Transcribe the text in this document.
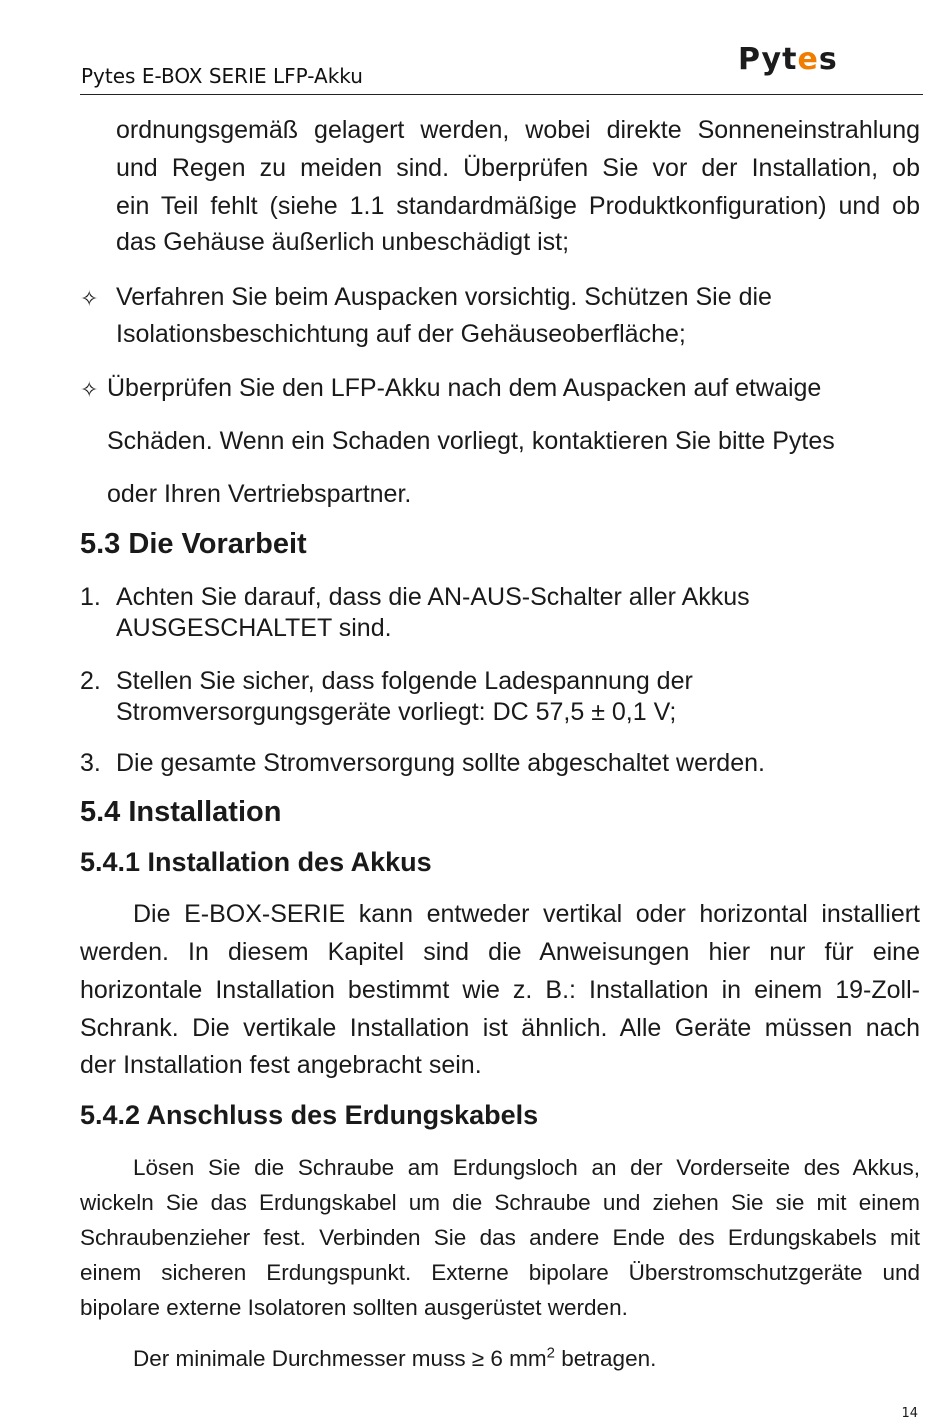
Pytes E-BOX SERIE LFP-Akku	Pytes
ordnungsgemäß gelagert werden, wobei direkte Sonneneinstrahlung
und Regen zu meiden sind. Überprüfen Sie vor der Installation, ob
ein Teil fehlt (siehe 1.1 standardmäßige Produktkonfiguration) und ob
das Gehäuse äußerlich unbeschädigt ist;
✧ Verfahren Sie beim Auspacken vorsichtig. Schützen Sie die
Isolationsbeschichtung auf der Gehäuseoberfläche;
✧ Überprüfen Sie den LFP-Akku nach dem Auspacken auf etwaige
Schäden. Wenn ein Schaden vorliegt, kontaktieren Sie bitte Pytes
oder Ihren Vertriebspartner.
5.3 Die Vorarbeit
1. Achten Sie darauf, dass die AN-AUS-Schalter aller Akkus
AUSGESCHALTET sind.
2. Stellen Sie sicher, dass folgende Ladespannung der
Stromversorgungsgeräte vorliegt: DC 57,5 ± 0,1 V;
3. Die gesamte Stromversorgung sollte abgeschaltet werden.
5.4 Installation
5.4.1 Installation des Akkus
Die E-BOX-SERIE kann entweder vertikal oder horizontal installiert
werden. In diesem Kapitel sind die Anweisungen hier nur für eine
horizontale Installation bestimmt wie z. B.: Installation in einem 19-Zoll-
Schrank. Die vertikale Installation ist ähnlich. Alle Geräte müssen nach
der Installation fest angebracht sein.
5.4.2 Anschluss des Erdungskabels
Lösen Sie die Schraube am Erdungsloch an der Vorderseite des Akkus,
wickeln Sie das Erdungskabel um die Schraube und ziehen Sie sie mit einem
Schraubenzieher fest. Verbinden Sie das andere Ende des Erdungskabels mit
einem sicheren Erdungspunkt. Externe bipolare Überstromschutzgeräte und
bipolare externe Isolatoren sollten ausgerüstet werden.
Der minimale Durchmesser muss ≥ 6 $mm^2$ betragen.
14
